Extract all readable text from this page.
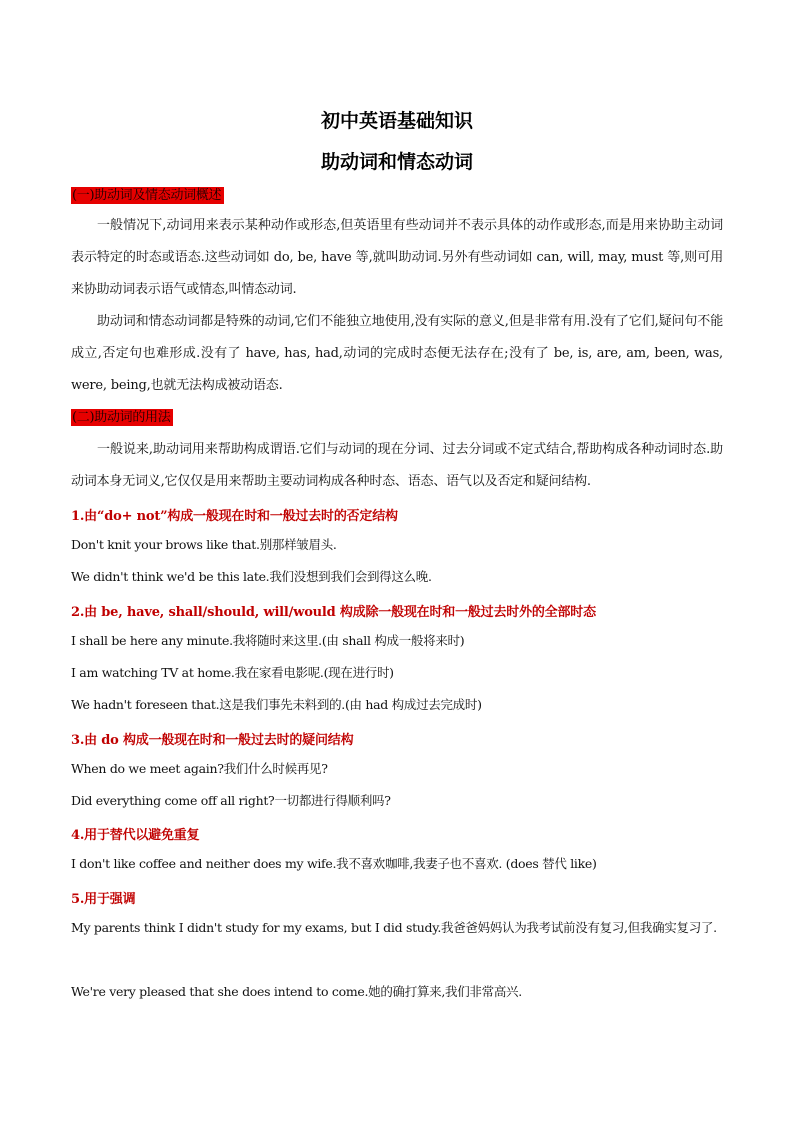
初中英语基础知识
助动词和情态动词
(一)助动词及情态动词概述
一般情况下,动词用来表示某种动作或形态,但英语里有些动词并不表示具体的动作或形态,而是用来协助主动词表示特定的时态或语态.这些动词如 do, be, have 等,就叫助动词.另外有些动词如 can, will, may, must 等,则可用来协助动词表示语气或情态,叫情态动词.
助动词和情态动词都是特殊的动词,它们不能独立地使用,没有实际的意义,但是非常有用.没有了它们,疑问句不能成立,否定句也难形成.没有了 have, has, had,动词的完成时态便无法存在;没有了 be, is, are, am, been, was, were, being,也就无法构成被动语态.
(二)助动词的用法
一般说来,助动词用来帮助构成谓语.它们与动词的现在分词、过去分词或不定式结合,帮助构成各种动词时态.助动词本身无词义,它仅仅是用来帮助主要动词构成各种时态、语态、语气以及否定和疑问结构.
1.由“do+ not”构成一般现在时和一般过去时的否定结构
Don't knit your brows like that.别那样皱眉头.
We didn't think we'd be this late.我们没想到我们会到得这么晚.
2.由 be, have, shall/should, will/would 构成除一般现在时和一般过去时外的全部时态
I shall be here any minute.我将随时来这里.(由 shall 构成一般将来时)
I am watching TV at home.我在家看电影呢.(现在进行时)
We hadn't foreseen that.这是我们事先未料到的.(由 had 构成过去完成时)
3.由 do 构成一般现在时和一般过去时的疑问结构
When do we meet again?我们什么时候再见?
Did everything come off all right?一切都进行得顺利吗?
4.用于替代以避免重复
I don't like coffee and neither does my wife.我不喜欢咖啡,我妻子也不喜欢. (does 替代 like)
5.用于强调
My parents think I didn't study for my exams, but I did study.我爸爸妈妈认为我考试前没有复习,但我确实复习了.
We're very pleased that she does intend to come.她的确打算来,我们非常高兴.
